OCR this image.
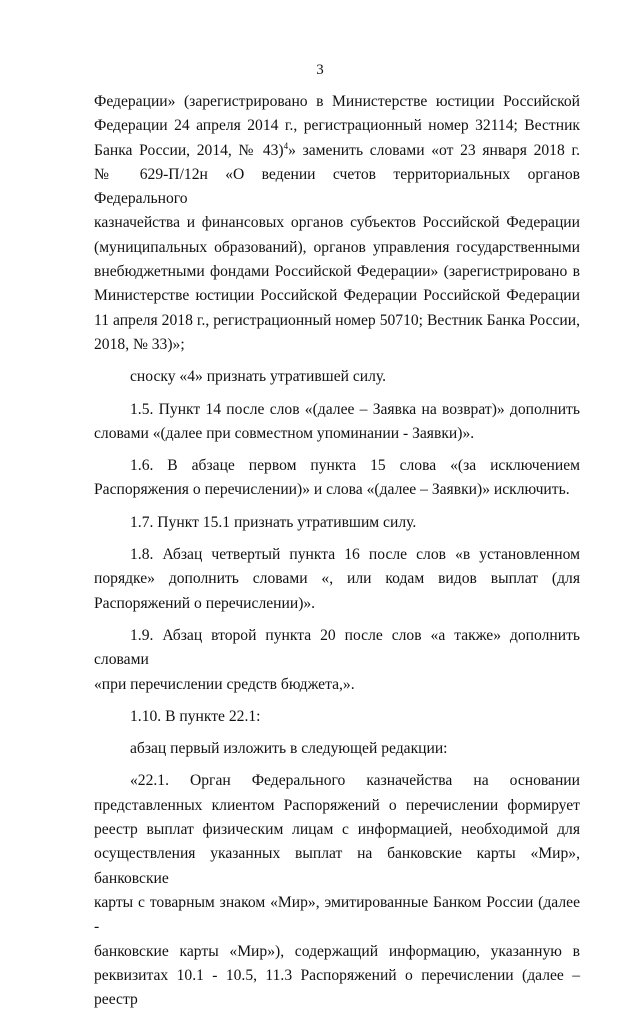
3

Федерации» (зарегистрировано в Министерстве юстиции Российской

Федерации 24 апреля 2014 г., регистрационный номер 32114; Вестник

Банка России, 2014, № 43)$^4$» заменить словами «от 23 января 2018 г.

№ 629-П/12н «О ведении счетов территориальных органов Федерального

казначейства и финансовых органов субъектов Российской Федерации

(муниципальных образований), органов управления государственными

внебюджетными фондами Российской Федерации» (зарегистрировано в

Министерстве юстиции Российской Федерации Российской Федерации

11 апреля 2018 г., регистрационный номер 50710; Вестник Банка России,

2018, № 33)»;

сноску «4» признать утратившей силу.

1.5. Пункт 14 после слов «(далее – Заявка на возврат)» дополнить

словами «(далее при совместном упоминании - Заявки)».

1.6. В абзаце первом пункта 15 слова «(за исключением

Распоряжения о перечислении)» и слова «(далее – Заявки)» исключить.

1.7. Пункт 15.1 признать утратившим силу.

1.8. Абзац четвертый пункта 16 после слов «в установленном

порядке» дополнить словами «, или кодам видов выплат (для

Распоряжений о перечислении)».

1.9. Абзац второй пункта 20 после слов «а также» дополнить словами

«при перечислении средств бюджета,».

1.10. В пункте 22.1:

абзац первый изложить в следующей редакции:

«22.1. Орган Федерального казначейства на основании

представленных клиентом Распоряжений о перечислении формирует

реестр выплат физическим лицам с информацией, необходимой для

осуществления указанных выплат на банковские карты «Мир», банковские

карты с товарным знаком «Мир», эмитированные Банком России (далее -

банковские карты «Мир»), содержащий информацию, указанную в

реквизитах 10.1 - 10.5, 11.3 Распоряжений о перечислении (далее – реестр
